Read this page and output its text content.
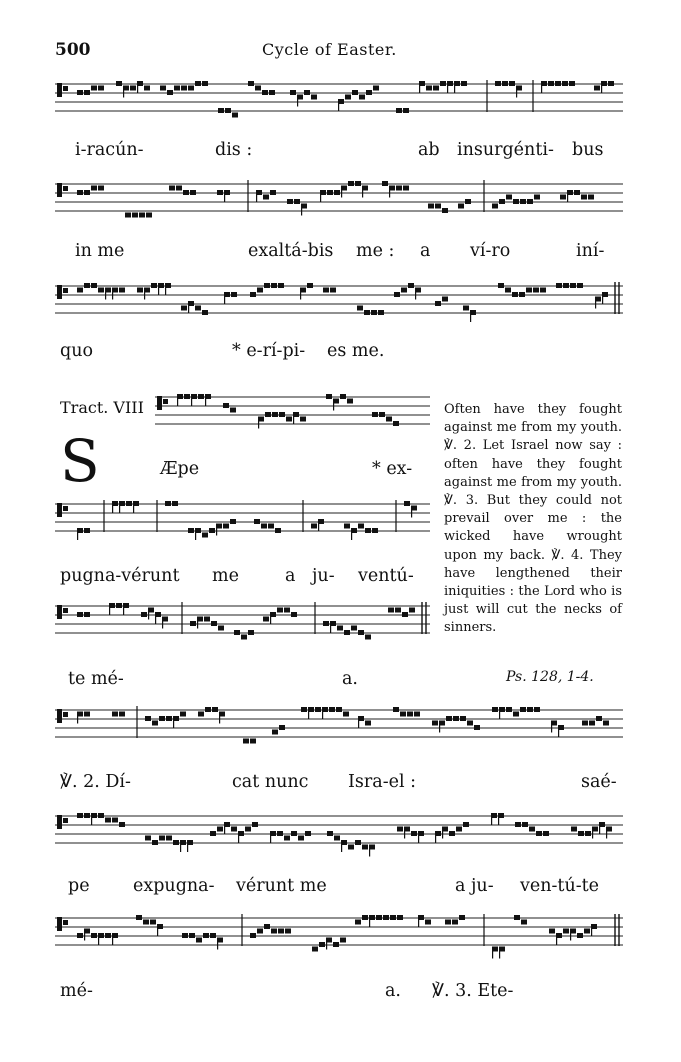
500	Cycle of Easter.
i-racún-	dis :	ab insurgénti- bus
in me	exaltá-bis me : a ví-ro	iní-
quo	* e-rí-pi- es me.
Tract. VIII
S	Æpe	* ex-
pugna-vérunt me	a ju- ventú-
te mé-	a.
℣. 2. Dí-	cat nunc Isra-el :	saé-
pe expugna- vérunt me	a ju- ven-tú-te
mé-	a. ℣. 3. Ete-

Often have they fought against me from my youth. ℣. 2. Let Israel now say : often have they fought against me from my youth. ℣. 3. But they could not prevail over me : the wicked have wrought upon my back. ℣. 4. They have lengthened their iniquities : the Lord who is just will cut the necks of sinners.

Ps. 128, 1-4.
